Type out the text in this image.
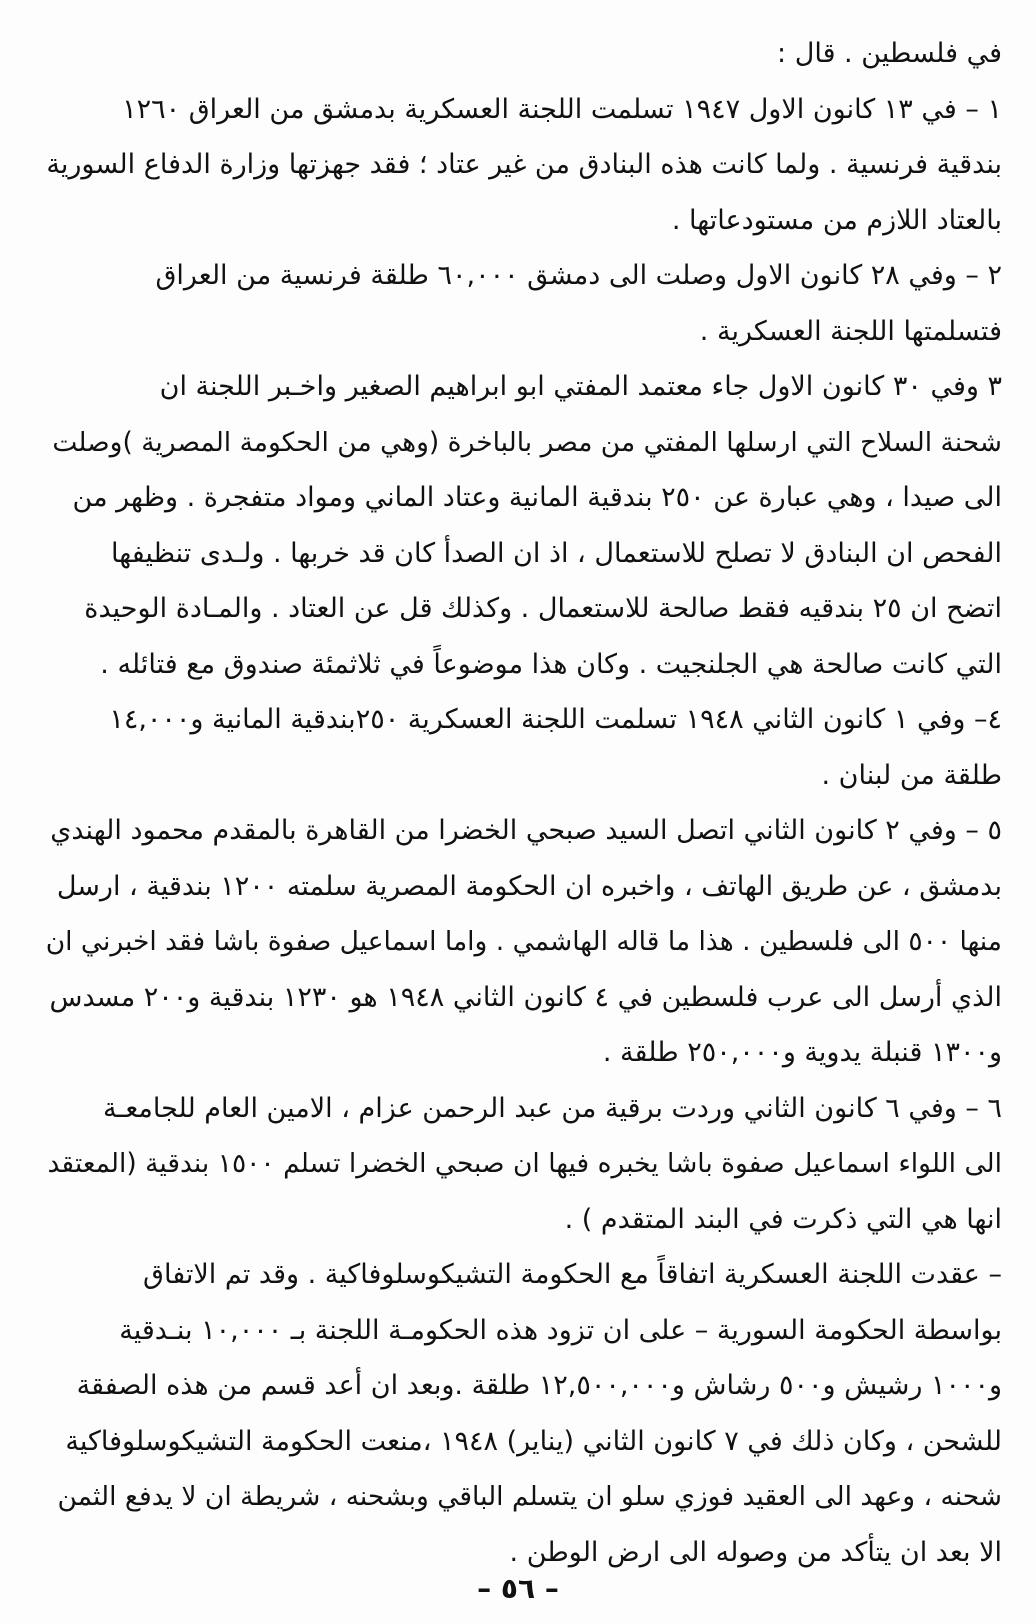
في فلسطين . قال :
١ – في ١٣ كانون الاول ١٩٤٧ تسلمت اللجنة العسكرية بدمشق من العراق ١٢٦٠
بندقية فرنسية . ولما كانت هذه البنادق من غير عتاد ؛ فقد جهزتها وزارة الدفاع السورية
بالعتاد اللازم من مستودعاتها .
٢ – وفي ٢٨ كانون الاول وصلت الى دمشق ٦٠,٠٠٠ طلقة فرنسية من العراق
فتسلمتها اللجنة العسكرية .
٣ وفي ٣٠ كانون الاول جاء معتمد المفتي ابو ابراهيم الصغير واخـبر اللجنة ان
شحنة السلاح التي ارسلها المفتي من مصر بالباخرة (وهي من الحكومة المصرية )وصلت
الى صيدا ، وهي عبارة عن ٢٥٠ بندقية المانية وعتاد الماني ومواد متفجرة . وظهر من
الفحص ان البنادق لا تصلح للاستعمال ، اذ ان الصدأ كان قد خربها . ولـدى تنظيفها
اتضح ان ٢٥ بندقيه فقط صالحة للاستعمال . وكذلك قل عن العتاد . والمـادة الوحيدة
التي كانت صالحة هي الجلنجيت . وكان هذا موضوعاً في ثلاثمئة صندوق مع فتائله .
٤– وفي ١ كانون الثاني ١٩٤٨ تسلمت اللجنة العسكرية ٢٥٠بندقية المانية و١٤,٠٠٠
طلقة من لبنان .
٥ – وفي ٢ كانون الثاني اتصل السيد صبحي الخضرا من القاهرة بالمقدم محمود الهندي
بدمشق ، عن طريق الهاتف ، واخبره ان الحكومة المصرية سلمته ١٢٠٠ بندقية ، ارسل
منها ٥٠٠ الى فلسطين . هذا ما قاله الهاشمي . واما اسماعيل صفوة باشا فقد اخبرني ان
الذي أرسل الى عرب فلسطين في ٤ كانون الثاني ١٩٤٨ هو ١٢٣٠ بندقية و٢٠٠ مسدس
و١٣٠٠ قنبلة يدوية و٢٥٠,٠٠٠ طلقة .
٦ – وفي ٦ كانون الثاني وردت برقية من عبد الرحمن عزام ، الامين العام للجامعـة
الى اللواء اسماعيل صفوة باشا يخبره فيها ان صبحي الخضرا تسلم ١٥٠٠ بندقية (المعتقد
انها هي التي ذكرت في البند المتقدم ) .
– عقدت اللجنة العسكرية اتفاقاً مع الحكومة التشيكوسلوفاكية . وقد تم الاتفاق
بواسطة الحكومة السورية – على ان تزود هذه الحكومـة اللجنة بـ ١٠,٠٠٠ بنـدقية
و١٠٠٠ رشيش و٥٠٠ رشاش و١٢,٥٠٠,٠٠٠ طلقة .وبعد ان أعد قسم من هذه الصفقة
للشحن ، وكان ذلك في ٧ كانون الثاني (يناير) ١٩٤٨ ،منعت الحكومة التشيكوسلوفاكية
شحنه ، وعهد الى العقيد فوزي سلو ان يتسلم الباقي وبشحنه ، شريطة ان لا يدفع الثمن
الا بعد ان يتأكد من وصوله الى ارض الوطن .
– ٥٦ –
